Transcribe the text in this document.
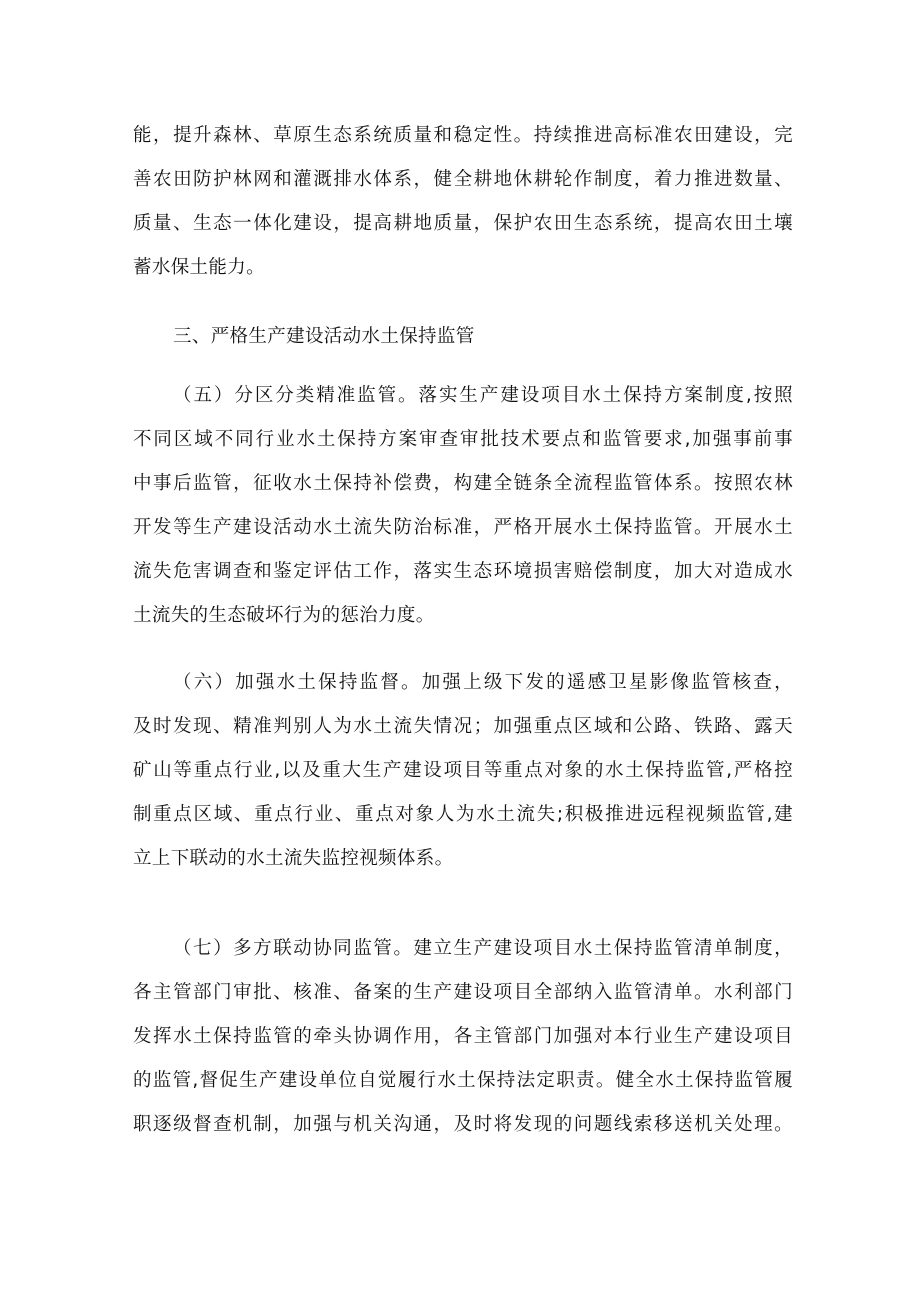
能，提升森林、草原生态系统质量和稳定性。持续推进高标准农田建设，完
善农田防护林网和灌溉排水体系，健全耕地休耕轮作制度，着力推进数量、
质量、生态一体化建设，提高耕地质量，保护农田生态系统，提高农田土壤
蓄水保土能力。
三、严格生产建设活动水土保持监管
（五）分区分类精准监管。落实生产建设项目水土保持方案制度,按照
不同区域不同行业水土保持方案审查审批技术要点和监管要求,加强事前事
中事后监管，征收水土保持补偿费，构建全链条全流程监管体系。按照农林
开发等生产建设活动水土流失防治标准，严格开展水土保持监管。开展水土
流失危害调查和鉴定评估工作，落实生态环境损害赔偿制度，加大对造成水
土流失的生态破坏行为的惩治力度。
（六）加强水土保持监督。加强上级下发的遥感卫星影像监管核查，
及时发现、精准判别人为水土流失情况；加强重点区域和公路、铁路、露天
矿山等重点行业,以及重大生产建设项目等重点对象的水土保持监管,严格控
制重点区域、重点行业、重点对象人为水土流失;积极推进远程视频监管,建
立上下联动的水土流失监控视频体系。
（七）多方联动协同监管。建立生产建设项目水土保持监管清单制度，
各主管部门审批、核准、备案的生产建设项目全部纳入监管清单。水利部门
发挥水土保持监管的牵头协调作用，各主管部门加强对本行业生产建设项目
的监管,督促生产建设单位自觉履行水土保持法定职责。健全水土保持监管履
职逐级督查机制，加强与机关沟通，及时将发现的问题线索移送机关处理。
